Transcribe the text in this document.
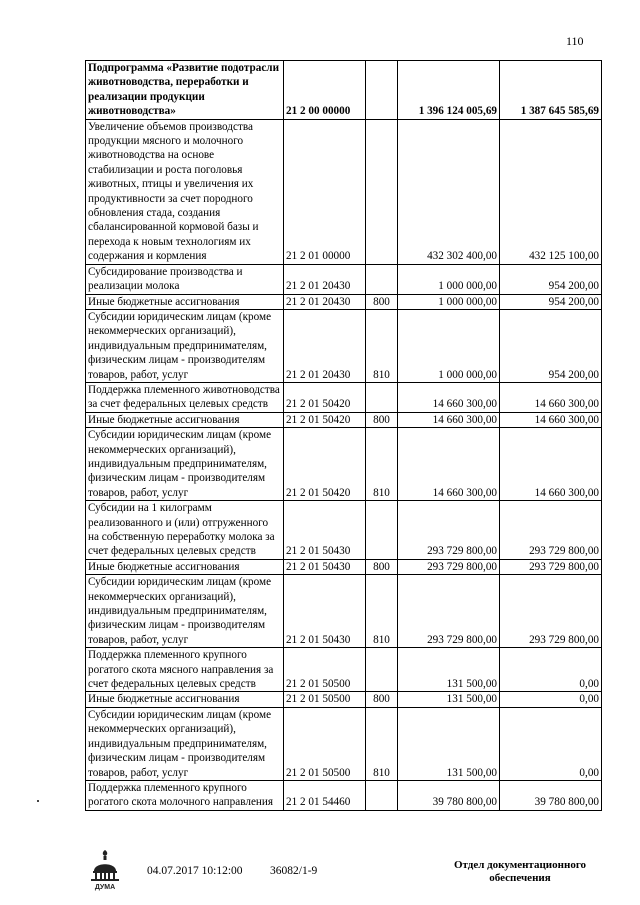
110
Подпрограмма «Развитие подотрасли животноводства, переработки и реализации продукции животноводства»	21 2 00 00000		1 396 124 005,69	1 387 645 585,69
Увеличение объемов производства продукции мясного и молочного животноводства на основе стабилизации и роста поголовья животных, птицы и увеличения их продуктивности за счет породного обновления стада, создания сбалансированной кормовой базы и перехода к новым технологиям их содержания и кормления	21 2 01 00000		432 302 400,00	432 125 100,00
Субсидирование производства и реализации молока	21 2 01 20430		1 000 000,00	954 200,00
Иные бюджетные ассигнования	21 2 01 20430	800	1 000 000,00	954 200,00
Субсидии юридическим лицам (кроме некоммерческих организаций), индивидуальным предпринимателям, физическим лицам - производителям товаров, работ, услуг	21 2 01 20430	810	1 000 000,00	954 200,00
Поддержка племенного животноводства за счет федеральных целевых средств	21 2 01 50420		14 660 300,00	14 660 300,00
Иные бюджетные ассигнования	21 2 01 50420	800	14 660 300,00	14 660 300,00
Субсидии юридическим лицам (кроме некоммерческих организаций), индивидуальным предпринимателям, физическим лицам - производителям товаров, работ, услуг	21 2 01 50420	810	14 660 300,00	14 660 300,00
Субсидии на 1 килограмм реализованного и (или) отгруженного на собственную переработку молока за счет федеральных целевых средств	21 2 01 50430		293 729 800,00	293 729 800,00
Иные бюджетные ассигнования	21 2 01 50430	800	293 729 800,00	293 729 800,00
Субсидии юридическим лицам (кроме некоммерческих организаций), индивидуальным предпринимателям, физическим лицам - производителям товаров, работ, услуг	21 2 01 50430	810	293 729 800,00	293 729 800,00
Поддержка племенного крупного рогатого скота мясного направления за счет федеральных целевых средств	21 2 01 50500		131 500,00	0,00
Иные бюджетные ассигнования	21 2 01 50500	800	131 500,00	0,00
Субсидии юридическим лицам (кроме некоммерческих организаций), индивидуальным предпринимателям, физическим лицам - производителям товаров, работ, услуг	21 2 01 50500	810	131 500,00	0,00
Поддержка племенного крупного рогатого скота молочного направления	21 2 01 54460		39 780 800,00	39 780 800,00
ДУМА
04.07.2017 10:12:00 36082/1-9	Отдел документационного обеспечения
